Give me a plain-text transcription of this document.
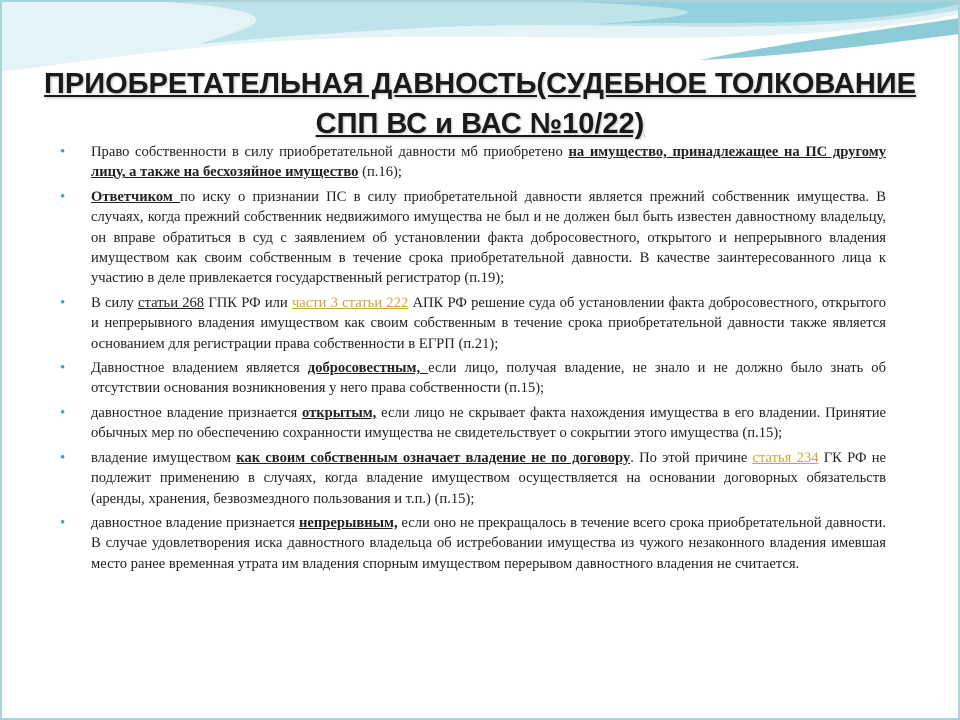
ПРИОБРЕТАТЕЛЬНАЯ ДАВНОСТЬ(СУДЕБНОЕ ТОЛКОВАНИЕ
СПП ВС и ВАС №10/22)
• Право собственности в силу приобретательной давности мб приобретено на имущество, принадлежащее на ПС другому лицу, а также на бесхозяйное имущество (п.16);
• Ответчиком по иску о признании ПС в силу приобретательной давности является прежний собственник имущества. В случаях, когда прежний собственник недвижимого имущества не был и не должен был быть известен давностному владельцу, он вправе обратиться в суд с заявлением об установлении факта добросовестного, открытого и непрерывного владения имуществом как своим собственным в течение срока приобретательной давности. В качестве заинтересованного лица к участию в деле привлекается государственный регистратор (п.19);
• В силу статьи 268 ГПК РФ или части 3 статьи 222 АПК РФ решение суда об установлении факта добросовестного, открытого и непрерывного владения имуществом как своим собственным в течение срока приобретательной давности также является основанием для регистрации права собственности в ЕГРП (п.21);
• Давностное владением является добросовестным, если лицо, получая владение, не знало и не должно было знать об отсутствии основания возникновения у него права собственности (п.15);
• давностное владение признается открытым, если лицо не скрывает факта нахождения имущества в его владении. Принятие обычных мер по обеспечению сохранности имущества не свидетельствует о сокрытии этого имущества (п.15);
• владение имуществом как своим собственным означает владение не по договору. По этой причине статья 234 ГК РФ не подлежит применению в случаях, когда владение имуществом осуществляется на основании договорных обязательств (аренды, хранения, безвозмездного пользования и т.п.) (п.15);
• давностное владение признается непрерывным, если оно не прекращалось в течение всего срока приобретательной давности. В случае удовлетворения иска давностного владельца об истребовании имущества из чужого незаконного владения имевшая место ранее временная утрата им владения спорным имуществом перерывом давностного владения не считается.
